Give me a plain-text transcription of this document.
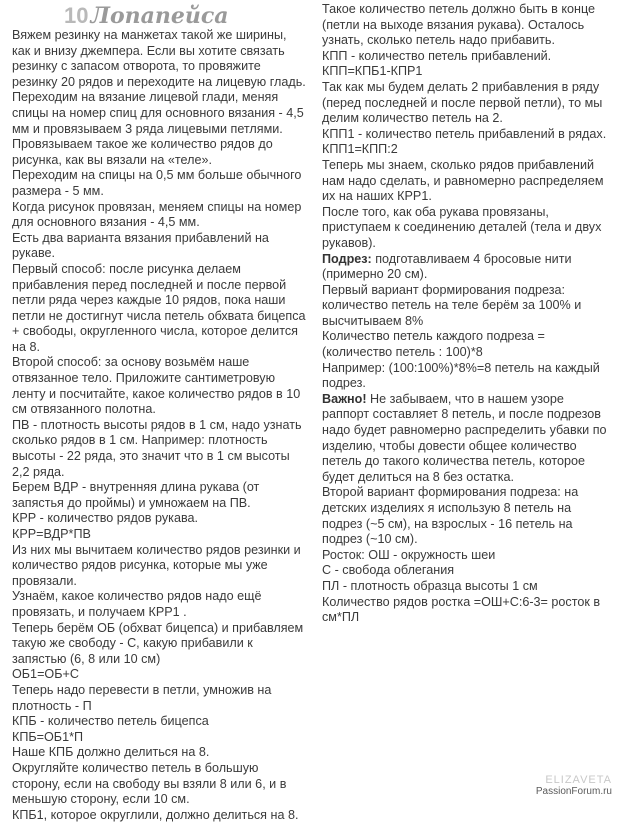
10 Лопапейса

Вяжем резинку на манжетах такой же ширины, как и внизу джемпера. Если вы хотите связать резинку с запасом отворота, то провяжите резинку 20 рядов и переходите на лицевую гладь.

Переходим на вязание лицевой глади, меняя спицы на номер спиц для основного вязания - 4,5 мм и провязываем 3 ряда лицевыми петлями. Провязываем такое же количество рядов до рисунка, как вы вязали на «теле».

Переходим на спицы на 0,5 мм больше обычного размера - 5 мм.

Когда рисунок провязан, меняем спицы на номер для основного вязания - 4,5 мм.

Есть два варианта вязания прибавлений на рукаве.

Первый способ: после рисунка делаем прибавления перед последней и после первой петли ряда через каждые 10 рядов, пока наши петли не достигнут числа петель обхвата бицепса + свободы, округленного числа, которое делится на 8.

Второй способ: за основу возьмём наше отвязанное тело. Приложите сантиметровую ленту и посчитайте, какое количество рядов в 10 см отвязанного полотна.

ПВ - плотность высоты рядов в 1 см, надо узнать сколько рядов в 1 см. Например: плотность высоты - 22 ряда, это значит что в 1 см высоты 2,2 ряда.

Берем ВДР - внутренняя длина рукава (от запястья до проймы) и умножаем на ПВ.

КРР - количество рядов рукава.

КРР=ВДР*ПВ

Из них мы вычитаем количество рядов резинки и количество рядов рисунка, которые мы уже провязали.

Узнаём, какое количество рядов надо ещё провязать, и получаем КРР1 .

Теперь берём ОБ (обхват бицепса) и прибавляем такую же свободу - С, какую прибавили к запястью (6, 8 или 10 см)

ОБ1=ОБ+С

Теперь надо перевести в петли, умножив на плотность - П

КПБ - количество петель бицепса

КПБ=ОБ1*П

Наше КПБ должно делиться на 8.

Округляйте количество петель в большую сторону, если на свободу вы взяли 8 или 6, и в меньшую сторону, если 10 см.

КПБ1, которое округлили, должно делиться на 8.

Такое количество петель должно быть в конце (петли на выходе вязания рукава). Осталось узнать, сколько петель надо прибавить.

КПП - количество петель прибавлений.

КПП=КПБ1-КПР1

Так как мы будем делать 2 прибавления в ряду (перед последней и после первой петли), то мы делим количество петель на 2.

КПП1 - количество петель прибавлений в рядах.

КПП1=КПП:2

Теперь мы знаем, сколько рядов прибавлений нам надо сделать, и равномерно распределяем их на наших КРР1.

После того, как оба рукава провязаны, приступаем к соединению деталей (тела и двух рукавов).

Подрез: подготавливаем 4 бросовые нити (примерно 20 см).

Первый вариант формирования подреза: количество петель на теле берём за 100% и высчитываем 8%

Количество петель каждого подреза = (количество петель : 100)*8

Например: (100:100%)*8%=8 петель на каждый подрез.

Важно! Не забываем, что в нашем узоре раппорт составляет 8 петель, и после подрезов надо будет равномерно распределить убавки по изделию, чтобы довести общее количество петель до такого количества петель, которое будет делиться на 8 без остатка.

Второй вариант формирования подреза: на детских изделиях я использую 8 петель на подрез (~5 см), на взрослых - 16 петель на подрез (~10 см).

Росток: ОШ - окружность шеи

С - свобода облегания

ПЛ - плотность образца высоты 1 см

Количество рядов ростка =ОШ+С:6-3= росток в см*ПЛ

ELIZAVETA
PassionForum.ru
